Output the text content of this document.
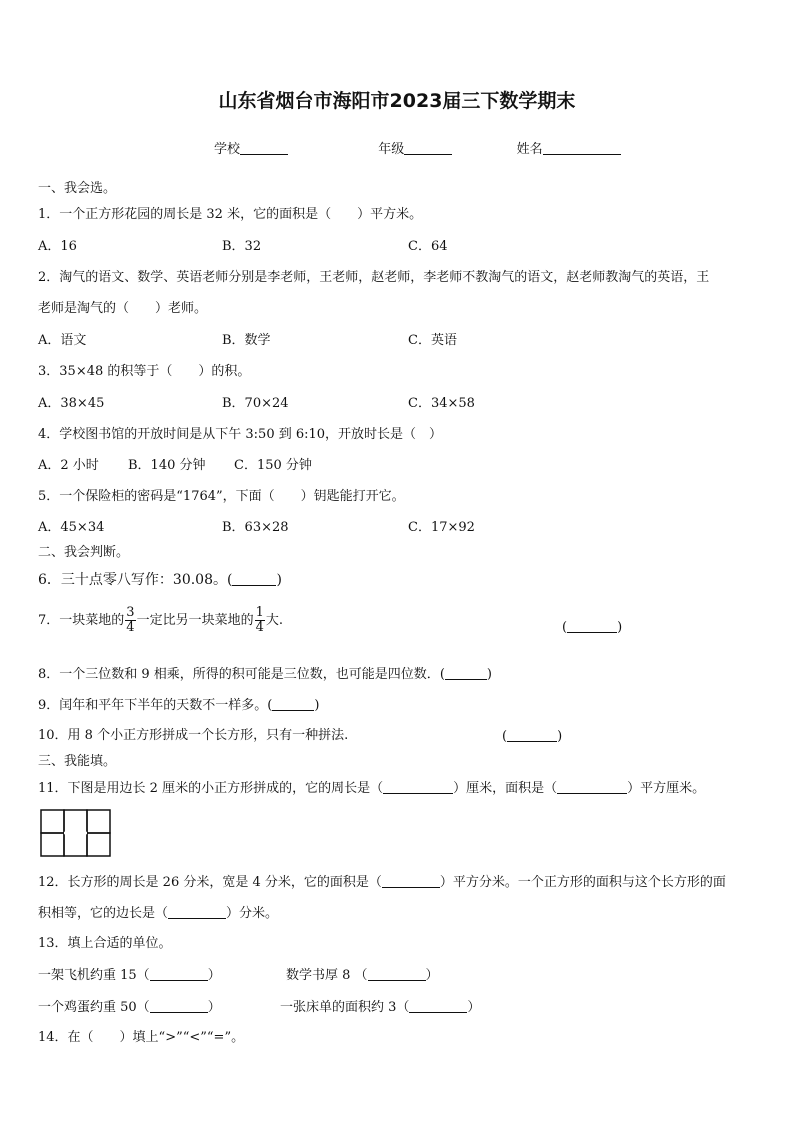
山东省烟台市海阳市2023届三下数学期末
学校	年级	姓名
一、我会选。
1．一个正方形花园的周长是 32 米，它的面积是（　　）平方米。
A．16	B．32	C．64
2．淘气的语文、数学、英语老师分别是李老师，王老师，赵老师，李老师不教淘气的语文，赵老师教淘气的英语，王
老师是淘气的（　　）老师。
A．语文	B．数学	C．英语
3．35×48 的积等于（　　）的积。
A．38×45	B．70×24	C．34×58
4．学校图书馆的开放时间是从下午 3:50 到 6:10，开放时长是（　）
A．2 小时 B．140 分钟 C．150 分钟
5．一个保险柜的密码是“1764”，下面（　　）钥匙能打开它。
A．45×34	B．63×28	C．17×92
二、我会判断。
6．三十点零八写作：30.08。(	)
7．一块菜地的 $\frac{3}{4}$ 一定比另一块菜地的 $\frac{1}{4}$ 大.	(	)
8．一个三位数和 9 相乘，所得的积可能是三位数，也可能是四位数．(	)
9．闰年和平年下半年的天数不一样多。(	)
10．用 8 个小正方形拼成一个长方形，只有一种拼法.	(	)
三、我能填。
11．下图是用边长 2 厘米的小正方形拼成的，它的周长是（	）厘米，面积是（	）平方厘米。
12．长方形的周长是 26 分米，宽是 4 分米，它的面积是（	）平方分米。一个正方形的面积与这个长方形的面
积相等，它的边长是（	）分米。
13．填上合适的单位。
一架飞机约重 15（	）	数学书厚 8 （	）
一个鸡蛋约重 50（	）	一张床单的面积约 3（	）
14．在（　　）填上“>”“<”“=”。
